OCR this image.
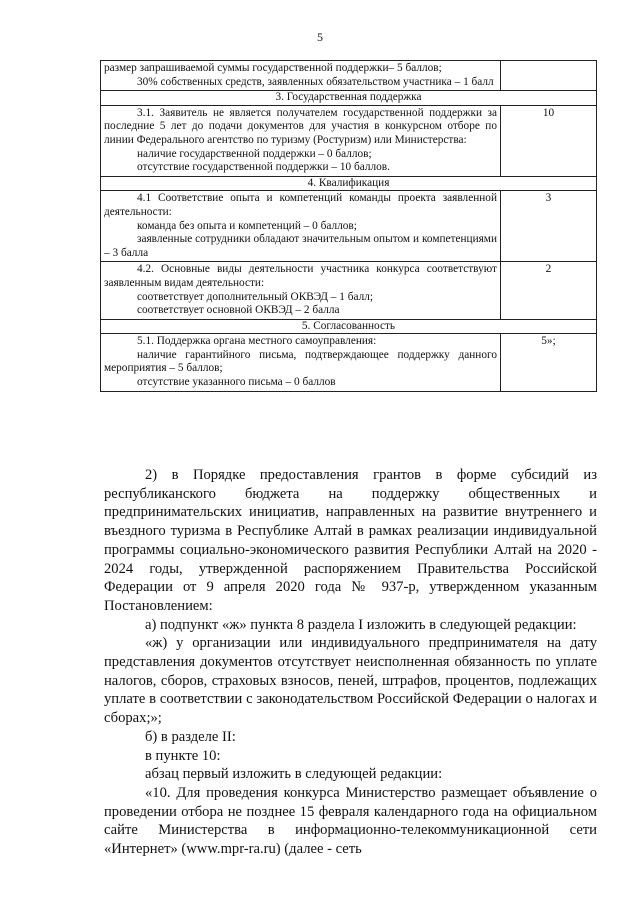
5

размер запрашиваемой суммы государственной поддержки– 5 баллов;

30% собственных средств, заявленных обязательством участника – 1 балл	

3. Государственная поддержка	

3.1. Заявитель не является получателем государственной поддержки за последние 5 лет до подачи документов для участия в конкурсном отборе по линии Федерального агентство по туризму (Ростуризм) или Министерства:

наличие государственной поддержки – 0 баллов;

отсутствие государственной поддержки – 10 баллов.	10
4. Квалификация	

4.1 Соответствие опыта и компетенций команды проекта заявленной деятельности:

команда без опыта и компетенций – 0 баллов;

заявленные сотрудники обладают значительным опытом и компетенциями – 3 балла	3

4.2. Основные виды деятельности участника конкурса соответствуют заявленным видам деятельности:

соответствует дополнительный ОКВЭД – 1 балл;

соответствует основной ОКВЭД – 2 балла	2
5. Согласованность	

5.1. Поддержка органа местного самоуправления:

наличие гарантийного письма, подтверждающее поддержку данного мероприятия – 5 баллов;

отсутствие указанного письма – 0 баллов	5»;

2) в Порядке предоставления грантов в форме субсидий из республиканского бюджета на поддержку общественных и предпринимательских инициатив, направленных на развитие внутреннего и въездного туризма в Республике Алтай в рамках реализации индивидуальной программы социально-экономического развития Республики Алтай на 2020 - 2024 годы, утвержденной распоряжением Правительства Российской Федерации от 9 апреля 2020 года № 937-р, утвержденном указанным Постановлением:

а) подпункт «ж» пункта 8 раздела I изложить в следующей редакции:

«ж) у организации или индивидуального предпринимателя на дату представления документов отсутствует неисполненная обязанность по уплате налогов, сборов, страховых взносов, пеней, штрафов, процентов, подлежащих уплате в соответствии с законодательством Российской Федерации о налогах и сборах;»;

б) в разделе II:

в пункте 10:

абзац первый изложить в следующей редакции:

«10. Для проведения конкурса Министерство размещает объявление о проведении отбора не позднее 15 февраля календарного года на официальном сайте Министерства в информационно-телекоммуникационной сети «Интернет» (www.mpr-ra.ru) (далее - сеть
